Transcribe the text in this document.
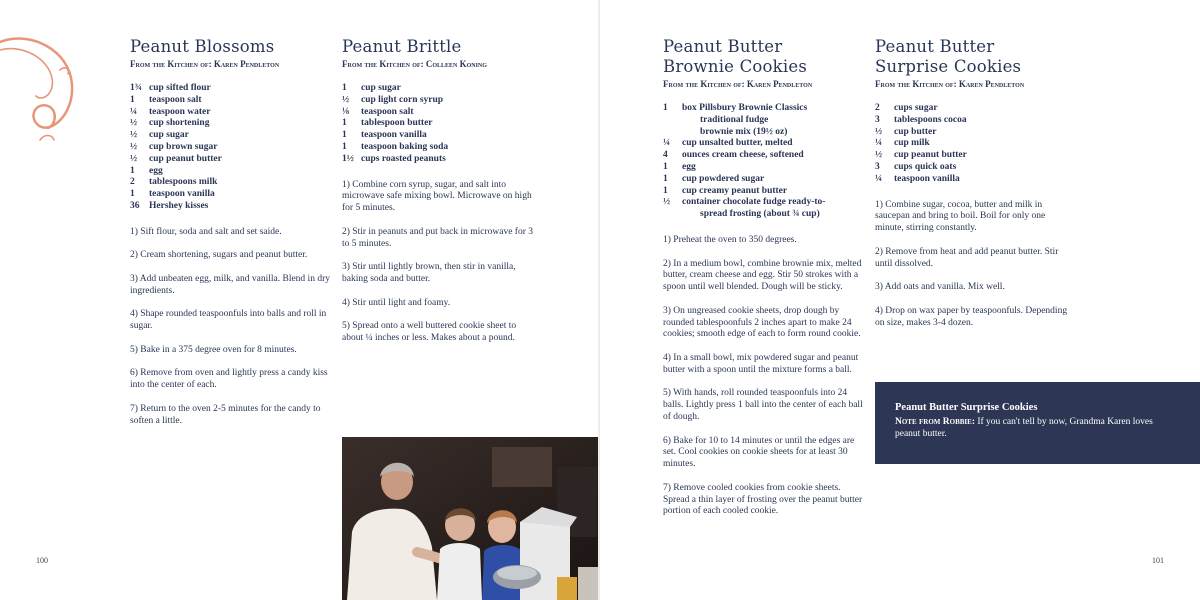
Peanut Blossoms
From the Kitchen of: Karen Pendleton
1¾ cup sifted flour
1	teaspoon salt
¼	teaspoon water
½	cup shortening
½	cup sugar
½	cup brown sugar
½	cup peanut butter
1	egg
2	tablespoons milk
1	teaspoon vanilla
36	Hershey kisses

1) Sift flour, soda and salt and set saide.

2) Cream shortening, sugars and peanut butter.

3) Add unbeaten egg, milk, and vanilla. Blend in dry ingredients.

4) Shape rounded teaspoonfuls into balls and roll in sugar.

5) Bake in a 375 degree oven for 8 minutes.

6) Remove from oven and lightly press a candy kiss into the center of each.

7) Return to the oven 2-5 minutes for the candy to soften a little.

Peanut Brittle
From the Kitchen of: Colleen Koning
1	cup sugar
½	cup light corn syrup
⅛	teaspoon salt
1	tablespoon butter
1	teaspoon vanilla
1	teaspoon baking soda
1½ cups roasted peanuts

1) Combine corn syrup, sugar, and salt into microwave safe mixing bowl. Microwave on high for 5 minutes.

2) Stir in peanuts and put back in microwave for 3 to 5 minutes.

3) Stir until lightly brown, then stir in vanilla, baking soda and butter.

4) Stir until light and foamy.

5) Spread onto a well buttered cookie sheet to about ¼ inches or less. Makes about a pound.

100
Peanut Butter
Brownie Cookies
From the Kitchen of: Karen Pendleton
1	box Pillsbury Brownie Classics
traditional fudge
brownie mix (19½ oz)
¼	cup unsalted butter, melted
4	ounces cream cheese, softened
1	egg
1	cup powdered sugar
1	cup creamy peanut butter
½	container chocolate fudge ready-to-
spread frosting (about ¾ cup)

1) Preheat the oven to 350 degrees.

2) In a medium bowl, combine brownie mix, melted butter, cream cheese and egg. Stir 50 strokes with a spoon until well blended. Dough will be sticky.

3) On ungreased cookie sheets, drop dough by rounded tablespoonfuls 2 inches apart to make 24 cookies; smooth edge of each to form round cookie.

4) In a small bowl, mix powdered sugar and peanut butter with a spoon until the mixture forms a ball.

5) With hands, roll rounded teaspoonfuls into 24 balls. Lightly press 1 ball into the center of each ball of dough.

6) Bake for 10 to 14 minutes or until the edges are set. Cool cookies on cookie sheets for at least 30 minutes.

7) Remove cooled cookies from cookie sheets. Spread a thin layer of frosting over the peanut butter portion of each cooled cookie.

Peanut Butter
Surprise Cookies
From the Kitchen of: Karen Pendleton
2	cups sugar
3	tablespoons cocoa
½	cup butter
¼	cup milk
½	cup peanut butter
3	cups quick oats
¼	teaspoon vanilla

1) Combine sugar, cocoa, butter and milk in saucepan and bring to boil. Boil for only one minute, stirring constantly.

2) Remove from heat and add peanut butter. Stir until dissolved.

3) Add oats and vanilla. Mix well.

4) Drop on wax paper by teaspoonfuls. Depending on size, makes 3-4 dozen.

101
Peanut Butter Surprise Cookies
Note from Robbie: If you can't tell by now, Grandma Karen loves peanut butter.
